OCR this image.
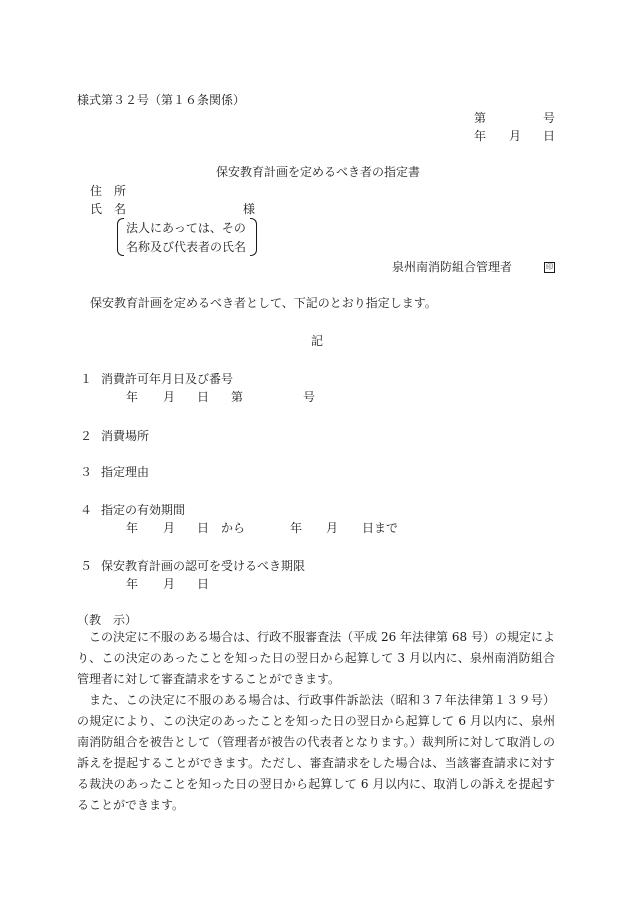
様式第３２号（第１６条関係）
第	号
年 月 日
保安教育計画を定めるべき者の指定書
住　所
氏　名	様
法人にあっては、その
名称及び代表者の氏名
泉州南消防組合管理者	印
保安教育計画を定めるべき者として、下記のとおり指定します。
記
１ 消費許可年月日及び番号
年 月 日 第	号
２ 消費場所
３ 指定理由
４ 指定の有効期間
年 月 日　から	年 月 日まで
５ 保安教育計画の認可を受けるべき期限
年 月 日
（教　示）

この決定に不服のある場合は、行政不服審査法（平成 26 年法律第 68 号）の規定により、この決定のあったことを知った日の翌日から起算して 3 月以内に、泉州南消防組合管理者に対して審査請求をすることができます。

また、この決定に不服のある場合は、行政事件訴訟法（昭和３７年法律第１３９号）の規定により、この決定のあったことを知った日の翌日から起算して 6 月以内に、泉州南消防組合を被告として（管理者が被告の代表者となります。）裁判所に対して取消しの訴えを提起することができます。ただし、審査請求をした場合は、当該審査請求に対する裁決のあったことを知った日の翌日から起算して 6 月以内に、取消しの訴えを提起することができます。
